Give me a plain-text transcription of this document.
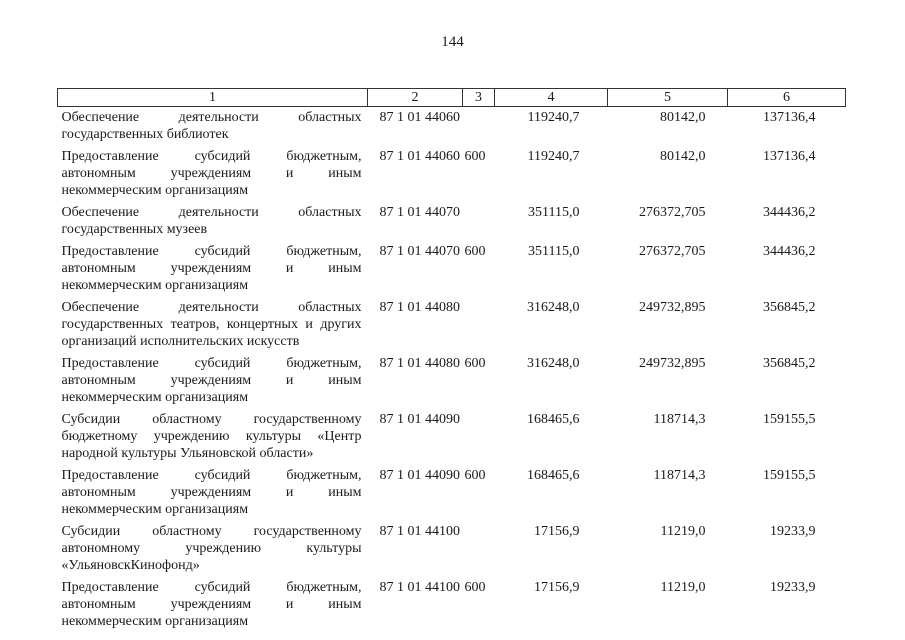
144
1	2	3	4	5	6
Обеспечение деятельности областных государственных библиотек	87 1 01 44060		119240,7	80142,0	137136,4
Предоставление субсидий бюджетным, автономным учреждениям и иным некоммерческим организациям	87 1 01 44060	600	119240,7	80142,0	137136,4
Обеспечение деятельности областных государственных музеев	87 1 01 44070		351115,0	276372,705	344436,2
Предоставление субсидий бюджетным, автономным учреждениям и иным некоммерческим организациям	87 1 01 44070	600	351115,0	276372,705	344436,2
Обеспечение деятельности областных государственных театров, концертных и других организаций исполнительских искусств	87 1 01 44080		316248,0	249732,895	356845,2
Предоставление субсидий бюджетным, автономным учреждениям и иным некоммерческим организациям	87 1 01 44080	600	316248,0	249732,895	356845,2
Субсидии областному государственному бюджетному учреждению культуры «Центр народной культуры Ульяновской области»	87 1 01 44090		168465,6	118714,3	159155,5
Предоставление субсидий бюджетным, автономным учреждениям и иным некоммерческим организациям	87 1 01 44090	600	168465,6	118714,3	159155,5
Субсидии областному государственному автономному учреждению культуры «УльяновскКинофонд»	87 1 01 44100		17156,9	11219,0	19233,9
Предоставление субсидий бюджетным, автономным учреждениям и иным некоммерческим организациям	87 1 01 44100	600	17156,9	11219,0	19233,9
